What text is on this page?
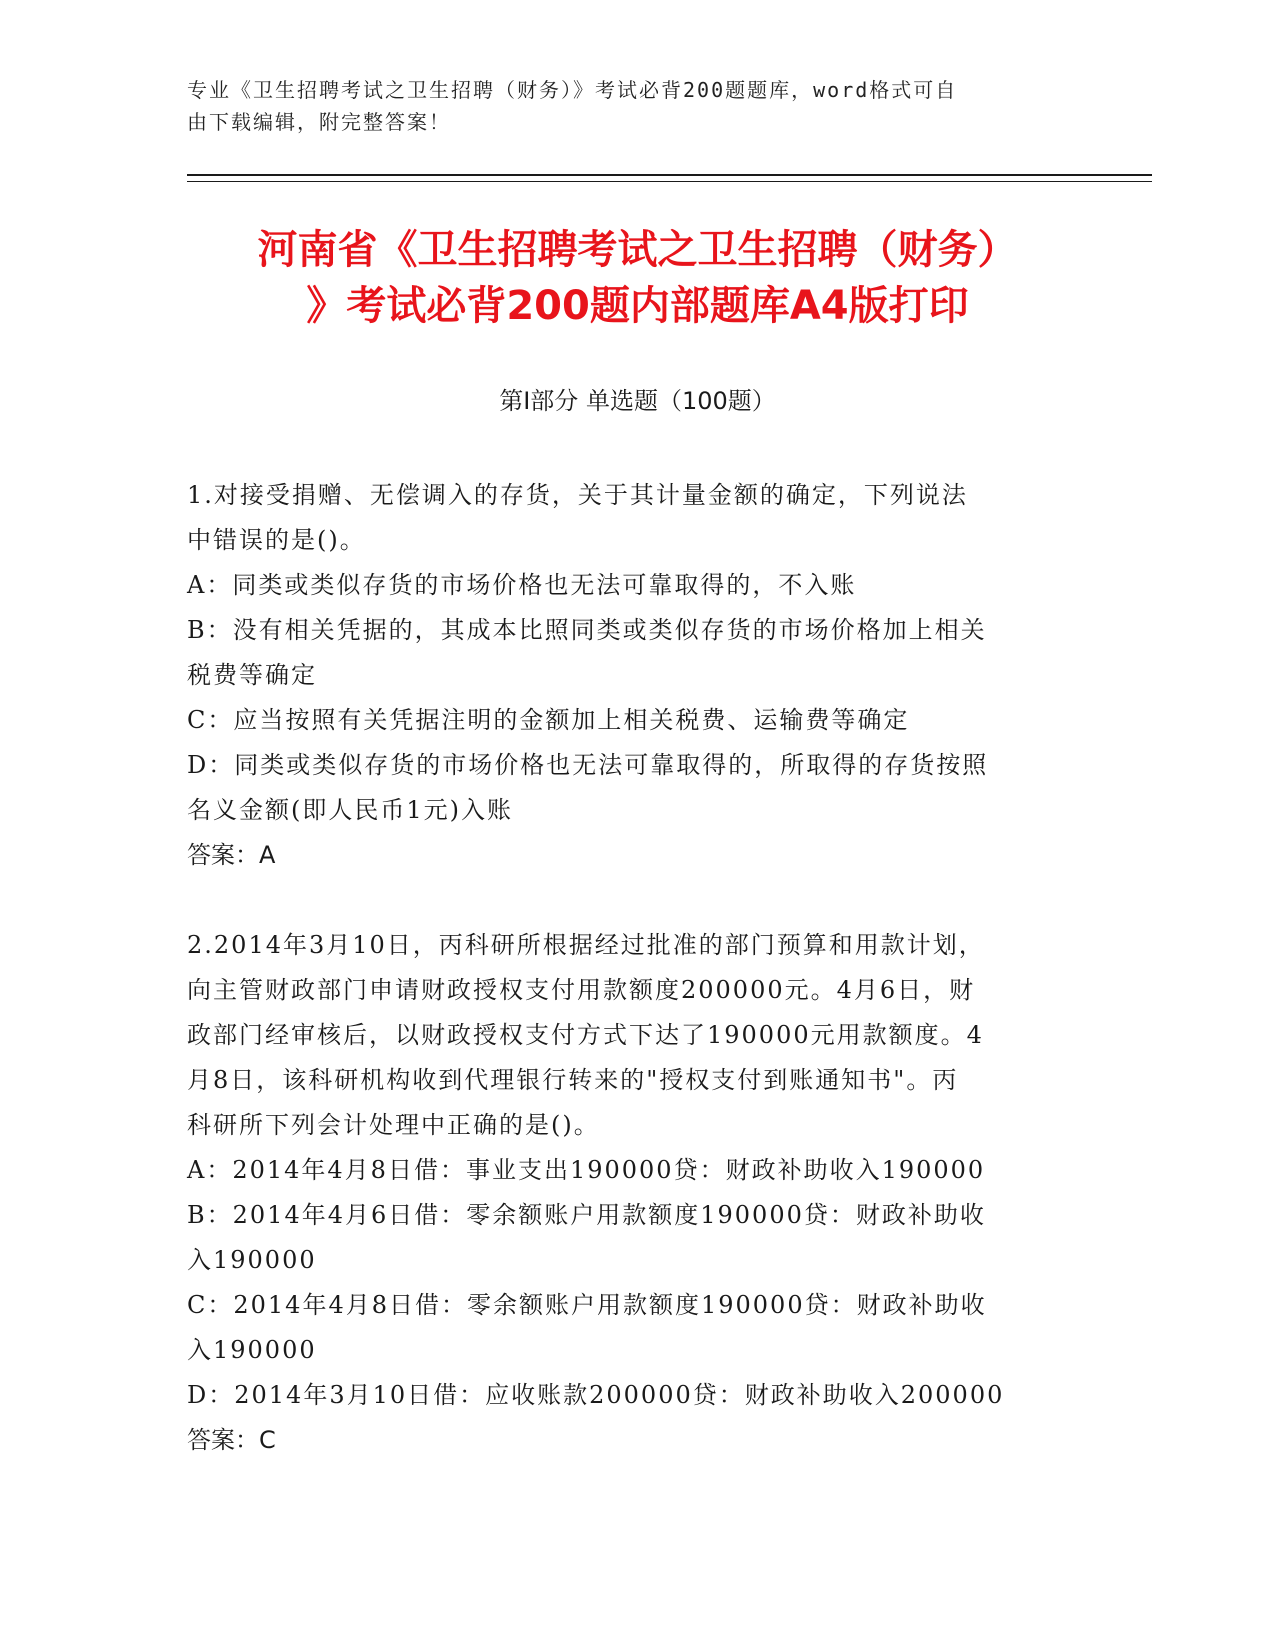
专业《卫生招聘考试之卫生招聘（财务）》考试必背200题题库，word格式可自
由下载编辑，附完整答案！
河南省《卫生招聘考试之卫生招聘（财务）
》考试必背200题内部题库A4版打印
第Ⅰ部分 单选题（100题）

1.对接受捐赠、无偿调入的存货，关于其计量金额的确定，下列说法

中错误的是()。

A：同类或类似存货的市场价格也无法可靠取得的，不入账

B：没有相关凭据的，其成本比照同类或类似存货的市场价格加上相关

税费等确定

C：应当按照有关凭据注明的金额加上相关税费、运输费等确定

D：同类或类似存货的市场价格也无法可靠取得的，所取得的存货按照

名义金额(即人民币1元)入账

答案：A

2.2014年3月10日，丙科研所根据经过批准的部门预算和用款计划，

向主管财政部门申请财政授权支付用款额度200000元。4月6日，财

政部门经审核后，以财政授权支付方式下达了190000元用款额度。4

月8日，该科研机构收到代理银行转来的"授权支付到账通知书"。丙

科研所下列会计处理中正确的是()。

A：2014年4月8日借：事业支出190000贷：财政补助收入190000

B：2014年4月6日借：零余额账户用款额度190000贷：财政补助收

入190000

C：2014年4月8日借：零余额账户用款额度190000贷：财政补助收

入190000

D：2014年3月10日借：应收账款200000贷：财政补助收入200000

答案：C
